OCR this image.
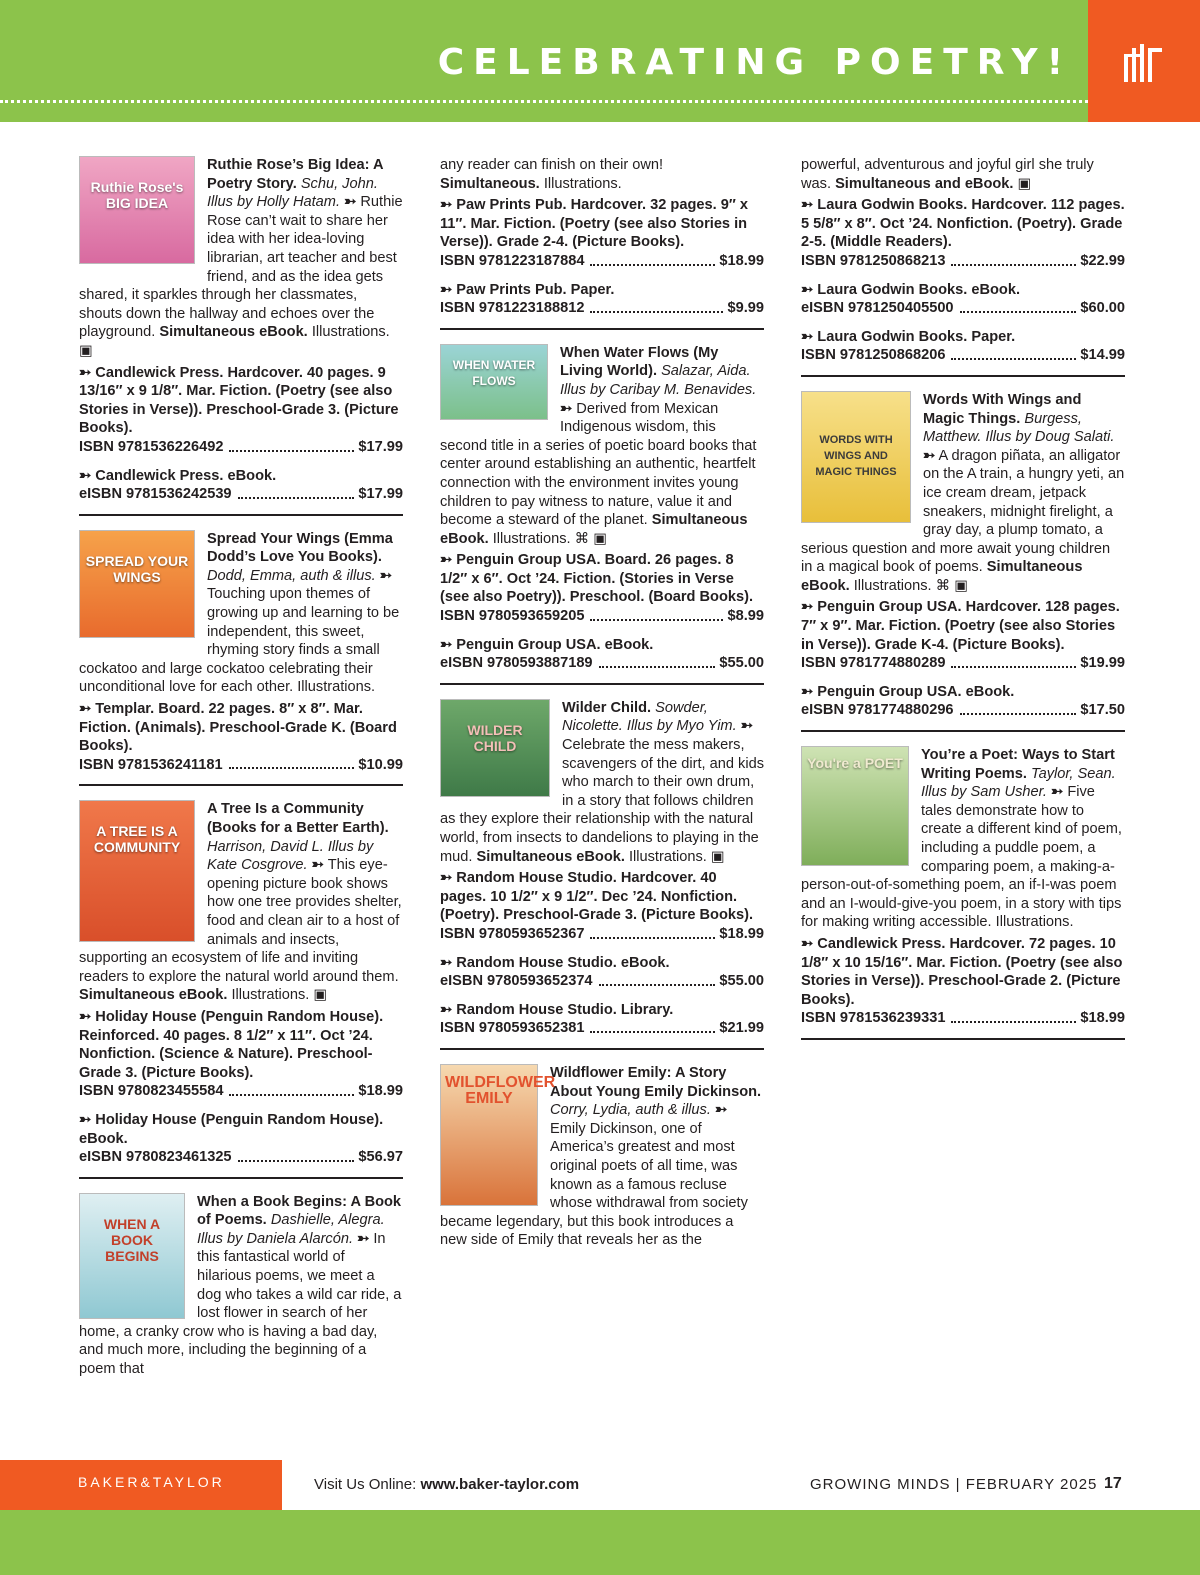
CELEBRATING POETRY!
Ruthie Rose's BIG IDEA
Ruthie Rose’s Big Idea: A Poetry Story. Schu, John. Illus by Holly Hatam. ➳ Ruthie Rose can’t wait to share her idea with her idea-loving librarian, art teacher and best friend, and as the idea gets shared, it sparkles through her classmates, shouts down the hallway and echoes over the playground. Simultaneous eBook. Illustrations. ▣
➳ Candlewick Press. Hardcover. 40 pages. 9 13/16″ x 9 1/8″. Mar. Fiction. (Poetry (see also Stories in Verse)). Preschool-Grade 3. (Picture Books).
ISBN 9781536226492	$17.99
➳ Candlewick Press. eBook.
eISBN 9781536242539	$17.99
SPREAD YOUR WINGS
Spread Your Wings (Emma Dodd’s Love You Books). Dodd, Emma, auth & illus. ➳ Touching upon themes of growing up and learning to be independent, this sweet, rhyming story finds a small cockatoo and large cockatoo celebrating their unconditional love for each other. Illustrations.
➳ Templar. Board. 22 pages. 8″ x 8″. Mar. Fiction. (Animals). Preschool-Grade K. (Board Books).
ISBN 9781536241181	$10.99
A TREE IS A COMMUNITY
A Tree Is a Community (Books for a Better Earth). Harrison, David L. Illus by Kate Cosgrove. ➳ This eye-opening picture book shows how one tree provides shelter, food and clean air to a host of animals and insects, supporting an ecosystem of life and inviting readers to explore the natural world around them. Simultaneous eBook. Illustrations. ▣
➳ Holiday House (Penguin Random House). Reinforced. 40 pages. 8 1/2″ x 11″. Oct ’24. Nonfiction. (Science & Nature). Preschool-Grade 3. (Picture Books).
ISBN 9780823455584	$18.99
➳ Holiday House (Penguin Random House). eBook.
eISBN 9780823461325	$56.97
WHEN A BOOK BEGINS
When a Book Begins: A Book of Poems. Dashielle, Alegra. Illus by Daniela Alarcón. ➳ In this fantastical world of hilarious poems, we meet a dog who takes a wild car ride, a lost flower in search of her home, a cranky crow who is having a bad day, and much more, including the beginning of a poem that
any reader can finish on their own! Simultaneous. Illustrations.
➳ Paw Prints Pub. Hardcover. 32 pages. 9″ x 11″. Mar. Fiction. (Poetry (see also Stories in Verse)). Grade 2-4. (Picture Books).
ISBN 9781223187884	$18.99
➳ Paw Prints Pub. Paper.
ISBN 9781223188812	$9.99
WHEN WATER FLOWS
When Water Flows (My Living World). Salazar, Aida. Illus by Caribay M. Benavides. ➳ Derived from Mexican Indigenous wisdom, this second title in a series of poetic board books that center around establishing an authentic, heartfelt connection with the environment invites young children to pay witness to nature, value it and become a steward of the planet. Simultaneous eBook. Illustrations. ⌘ ▣
➳ Penguin Group USA. Board. 26 pages. 8 1/2″ x 6″. Oct ’24. Fiction. (Stories in Verse (see also Poetry)). Preschool. (Board Books).
ISBN 9780593659205	$8.99
➳ Penguin Group USA. eBook.
eISBN 9780593887189	$55.00
WILDER CHILD
Wilder Child. Sowder, Nicolette. Illus by Myo Yim. ➳ Celebrate the mess makers, scavengers of the dirt, and kids who march to their own drum, in a story that follows children as they explore their relationship with the natural world, from insects to dandelions to playing in the mud. Simultaneous eBook. Illustrations. ▣
➳ Random House Studio. Hardcover. 40 pages. 10 1/2″ x 9 1/2″. Dec ’24. Nonfiction. (Poetry). Preschool-Grade 3. (Picture Books).
ISBN 9780593652367	$18.99
➳ Random House Studio. eBook.
eISBN 9780593652374	$55.00
➳ Random House Studio. Library.
ISBN 9780593652381	$21.99
WILDFLOWER EMILY
Wildflower Emily: A Story About Young Emily Dickinson. Corry, Lydia, auth & illus. ➳ Emily Dickinson, one of America’s greatest and most original poets of all time, was known as a famous recluse whose withdrawal from society became legendary, but this book introduces a new side of Emily that reveals her as the
powerful, adventurous and joyful girl she truly was. Simultaneous and eBook. ▣
➳ Laura Godwin Books. Hardcover. 112 pages. 5 5/8″ x 8″. Oct ’24. Nonfiction. (Poetry). Grade 2-5. (Middle Readers).
ISBN 9781250868213	$22.99
➳ Laura Godwin Books. eBook.
eISBN 9781250405500	$60.00
➳ Laura Godwin Books. Paper.
ISBN 9781250868206	$14.99
WORDS WITH WINGS AND MAGIC THINGS
Words With Wings and Magic Things. Burgess, Matthew. Illus by Doug Salati. ➳ A dragon piñata, an alligator on the A train, a hungry yeti, an ice cream dream, jetpack sneakers, midnight firelight, a gray day, a plump tomato, a serious question and more await young children in a magical book of poems. Simultaneous eBook. Illustrations. ⌘ ▣
➳ Penguin Group USA. Hardcover. 128 pages. 7″ x 9″. Mar. Fiction. (Poetry (see also Stories in Verse)). Grade K-4. (Picture Books).
ISBN 9781774880289	$19.99
➳ Penguin Group USA. eBook.
eISBN 9781774880296	$17.50
You're a POET You’re a Poet: Ways to Start Writing Poems. Taylor, Sean. Illus by Sam Usher. ➳ Five tales demonstrate how to create a different kind of poem, including a puddle poem, a comparing poem, a making-a-person-out-of-something poem, an if-I-was poem and an I-would-give-you poem, in a story with tips for making writing accessible. Illustrations.
➳ Candlewick Press. Hardcover. 72 pages. 10 1/8″ x 10 15/16″. Mar. Fiction. (Poetry (see also Stories in Verse)). Preschool-Grade 2. (Picture Books).
ISBN 9781536239331	$18.99
BAKER&TAYLOR	Visit Us Online: www.baker-taylor.com	GROWING MINDS | FEBRUARY 2025 17
